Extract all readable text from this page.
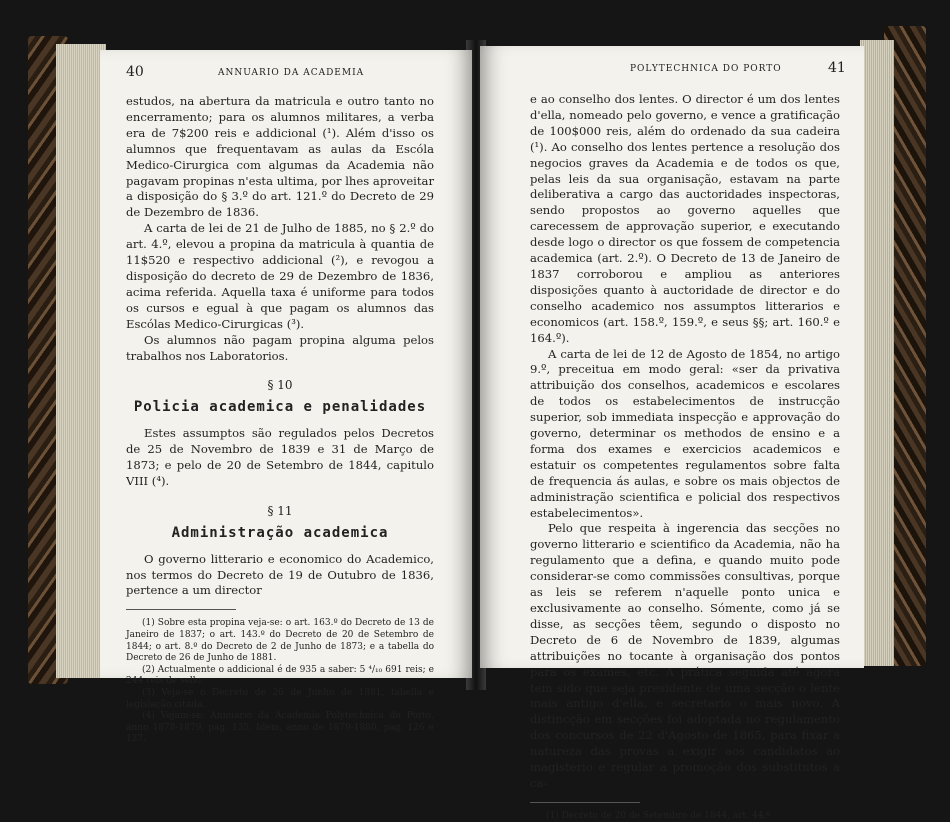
40	ANNUARIO DA ACADEMIA

estudos, na abertura da matricula e outro tanto no encerramento; para os alumnos militares, a verba era de 7$200 reis e addicional (¹). Além d'isso os alumnos que frequentavam as aulas da Escóla Medico-Cirurgica com algumas da Academia não pagavam propinas n'esta ultima, por lhes aproveitar a disposição do § 3.º do art. 121.º do Decreto de 29 de Dezembro de 1836.

A carta de lei de 21 de Julho de 1885, no § 2.º do art. 4.º, elevou a propina da matricula à quantia de 11$520 e respectivo addicional (²), e revogou a disposição do decreto de 29 de Dezembro de 1836, acima referida. Aquella taxa é uniforme para todos os cursos e egual à que pagam os alumnos das Escólas Medico-Cirurgicas (³).

Os alumnos não pagam propina alguma pelos trabalhos nos Laboratorios.

§ 10
Policia academica e penalidades

Estes assumptos são regulados pelos Decretos de 25 de Novembro de 1839 e 31 de Março de 1873; e pelo de 20 de Setembro de 1844, capitulo VIII (⁴).

§ 11
Administração academica

O governo litterario e economico do Academico, nos termos do Decreto de 19 de Outubro de 1836, pertence a um director

(1) Sobre esta propina veja-se: o art. 163.º do Decreto de 13 de Janeiro de 1837; o art. 143.º do Decreto de 20 de Setembro de 1844; o art. 8.º do Decreto de 2 de Junho de 1873; e a tabella do Decreto de 26 de Junho de 1881.

(2) Actualmente o addicional é de 935 a saber: 5 ⁴/₁₀ 691 reis; e 244 reis de sello.

(3) Veja-se o Decreto de 26 de Junho de 1881, tabella e legislação citada.

(4) Vejam-se: Annuario da Academia Polytechnica do Porto, anno 1878-1879, pag. 135. Idem, anno de 1879-1880, pag. 126 e 127.

POLYTECHNICA DO PORTO	41

e ao conselho dos lentes. O director é um dos lentes d'ella, nomeado pelo governo, e vence a gratificação de 100$000 reis, além do ordenado da sua cadeira (¹). Ao conselho dos lentes pertence a resolução dos negocios graves da Academia e de todos os que, pelas leis da sua organisação, estavam na parte deliberativa a cargo das auctoridades inspectoras, sendo propostos ao governo aquelles que carecessem de approvação superior, e executando desde logo o director os que fossem de competencia academica (art. 2.º). O Decreto de 13 de Janeiro de 1837 corroborou e ampliou as anteriores disposições quanto à auctoridade de director e do conselho academico nos assumptos litterarios e economicos (art. 158.º, 159.º, e seus §§; art. 160.º e 164.º).

A carta de lei de 12 de Agosto de 1854, no artigo 9.º, preceitua em modo geral: «ser da privativa attribuição dos conselhos, academicos e escolares de todos os estabelecimentos de instrucção superior, sob immediata inspecção e approvação do governo, determinar os methodos de ensino e a forma dos exames e exercicios academicos e estatuir os competentes regulamentos sobre falta de frequencia ás aulas, e sobre os mais objectos de administração scientifica e policial dos respectivos estabelecimentos».

Pelo que respeita à ingerencia das secções no governo litterario e scientifico da Academia, não ha regulamento que a defina, e quando muito pode considerar-se como commissões consultivas, porque as leis se referem n'aquelle ponto unica e exclusivamente ao conselho. Sómente, como já se disse, as secções têem, segundo o disposto no Decreto de 6 de Novembro de 1839, algumas attribuições no tocante à organisação dos pontos para os exames, etc. A prática seguida até agora tem sido que seja presidente de uma secção o lente mais antigo d'ella, e secretario o mais novo. A distincção em secções foi adoptada no regulamento dos concursos de 22 d'Agosto de 1865, para fixar a natureza das provas a exigir aos candidatos ao magisterio e regular a promoção dos substitutos a ca-

(1) Decreto de 20 de Setembro de 1844, art. 44.º
